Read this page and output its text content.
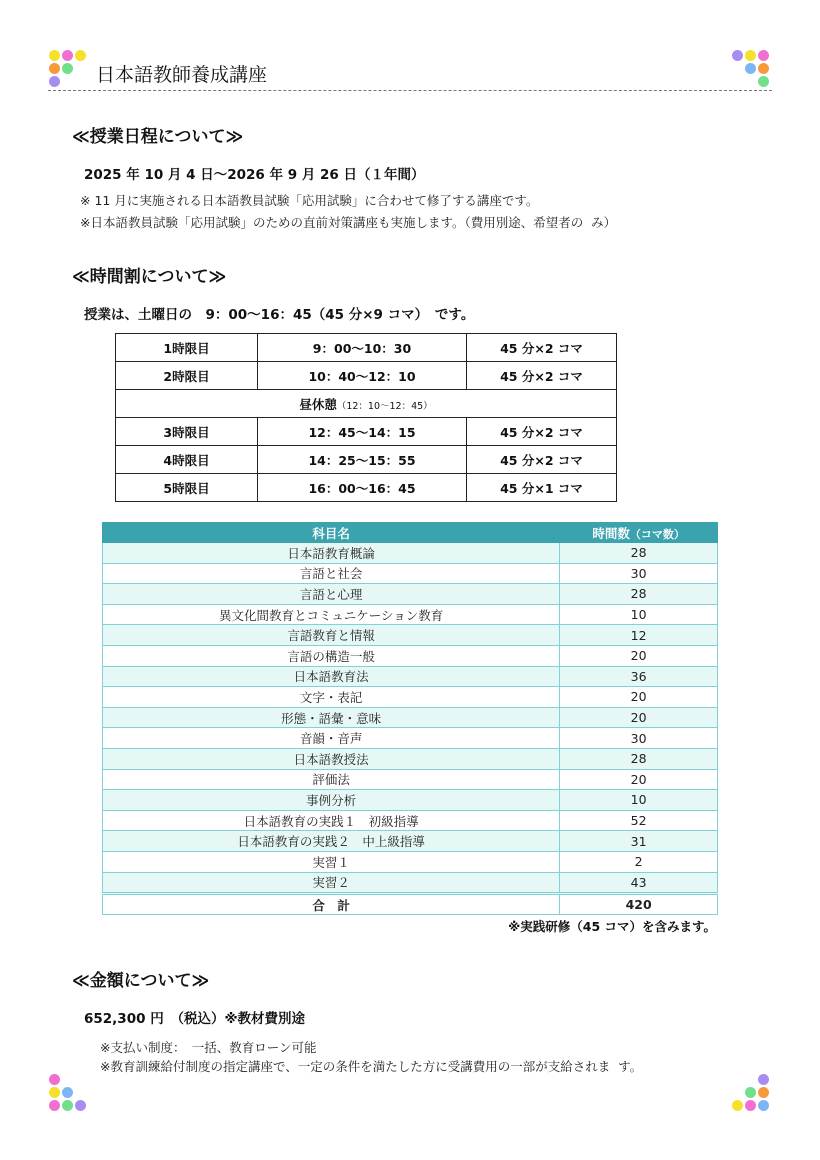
日本語教師養成講座
≪授業日程について≫
2025 年 10 月 4 日～2026 年 9 月 26 日（１年間）
※ 11 月に実施される日本語教員試験「応用試験」に合わせて修了する講座です。
※日本語教員試験「応用試験」のための直前対策講座も実施します。（費用別途、希望者の  み）
≪時間割について≫
授業は、土曜日の　9：00～16：45（45 分×9 コマ）　です。
1時限目	9：00～10：30	45 分×2 コマ
2時限目	10：40～12：10	45 分×2 コマ
昼休憩（12：10～12：45）		
3時限目	12：45～14：15	45 分×2 コマ
4時限目	14：25～15：55	45 分×2 コマ
5時限目	16：00～16：45	45 分×1 コマ
科目名	時間数（コマ数）
日本語教育概論	28
言語と社会	30
言語と心理	28
異文化間教育とコミュニケーション教育	10
言語教育と情報	12
言語の構造一般	20
日本語教育法	36
文字・表記	20
形態・語彙・意味	20
音韻・音声	30
日本語教授法	28
評価法	20
事例分析	10
日本語教育の実践１　初級指導	52
日本語教育の実践２　中上級指導	31
実習１	2
実習２	43
合　計	420
※実践研修（45 コマ）を含みます。
≪金額について≫
652,300 円　（税込）※教材費別途
※支払い制度：　一括、教育ローン可能
※教育訓練給付制度の指定講座で、一定の条件を満たした方に受講費用の一部が支給されま  す。
